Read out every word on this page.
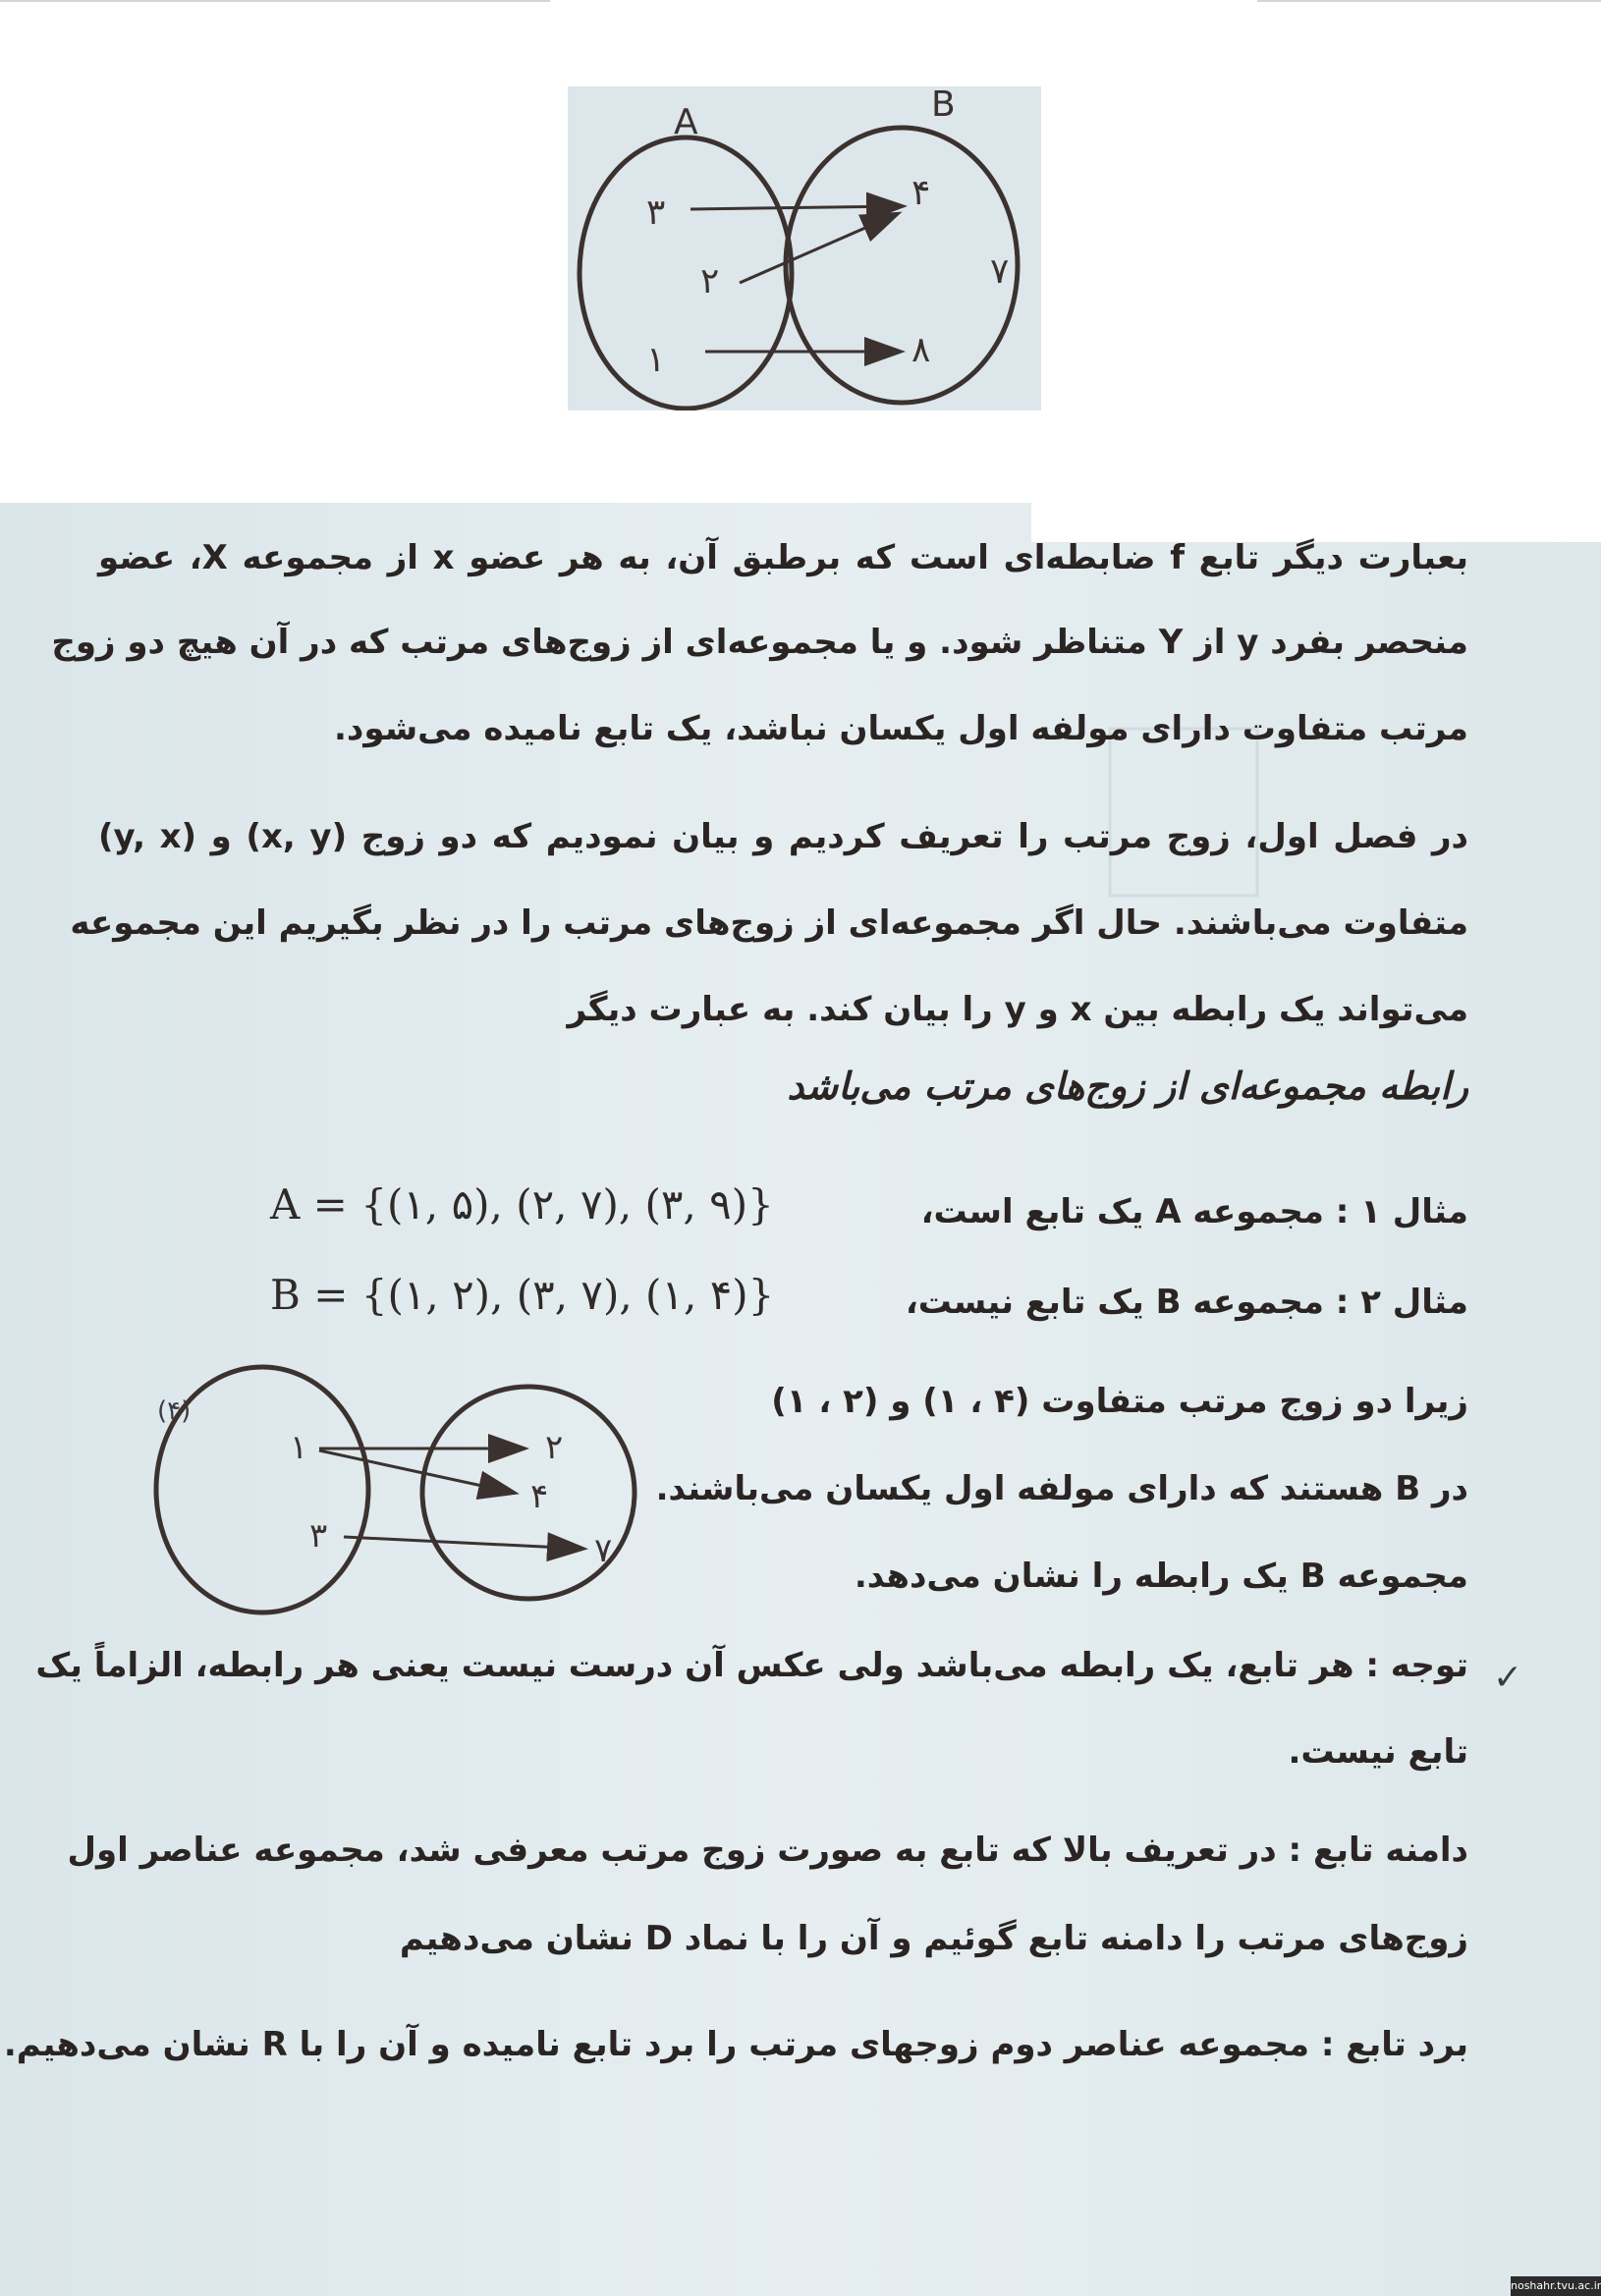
A	B
۳
۲
۱
۴
۷
۸
بعبارت دیگر تابع f ضابطه‌ای است که برطبق آن، به هر عضو x از مجموعه X، عضو
منحصر بفرد y از Y متناظر شود. و یا مجموعه‌ای از زوج‌های مرتب که در آن هیچ دو زوج
مرتب متفاوت دارای مولفه اول یکسان نباشد، یک تابع نامیده می‌شود.
در فصل اول، زوج مرتب را تعریف کردیم و بیان نمودیم که دو زوج (x, y) و (y, x)
متفاوت می‌باشند. حال اگر مجموعه‌ای از زوج‌های مرتب را در نظر بگیریم این مجموعه
می‌تواند یک رابطه بین x و y را بیان کند. به عبارت دیگر
رابطه مجموعه‌ای از زوج‌های مرتب می‌باشد
مثال ۱ : مجموعه A یک تابع است،
A = {(۱, ۵), (۲, ۷), (۳, ۹)}
مثال ۲ : مجموعه B یک تابع نیست،
B = {(۱, ۲), (۳, ۷), (۱, ۴)}
زیرا دو زوج مرتب متفاوت (۴ ، ۱) و (۲ ، ۱)
در B هستند که دارای مولفه اول یکسان می‌باشند.
مجموعه B یک رابطه را نشان می‌دهد.
توجه : هر تابع، یک رابطه می‌باشد ولی عکس آن درست نیست یعنی هر رابطه، الزاماً یک
تابع نیست.
دامنه تابع : در تعریف بالا که تابع به صورت زوج مرتب معرفی شد، مجموعه عناصر اول
زوج‌های مرتب را دامنه تابع گوئیم و آن را با نماد D نشان می‌دهیم
برد تابع : مجموعه عناصر دوم زوجهای مرتب را برد تابع نامیده و آن را با R نشان می‌دهیم.
(۴)
✓
۱
۳
۲
۴
۷
noshahr.tvu.ac.ir
